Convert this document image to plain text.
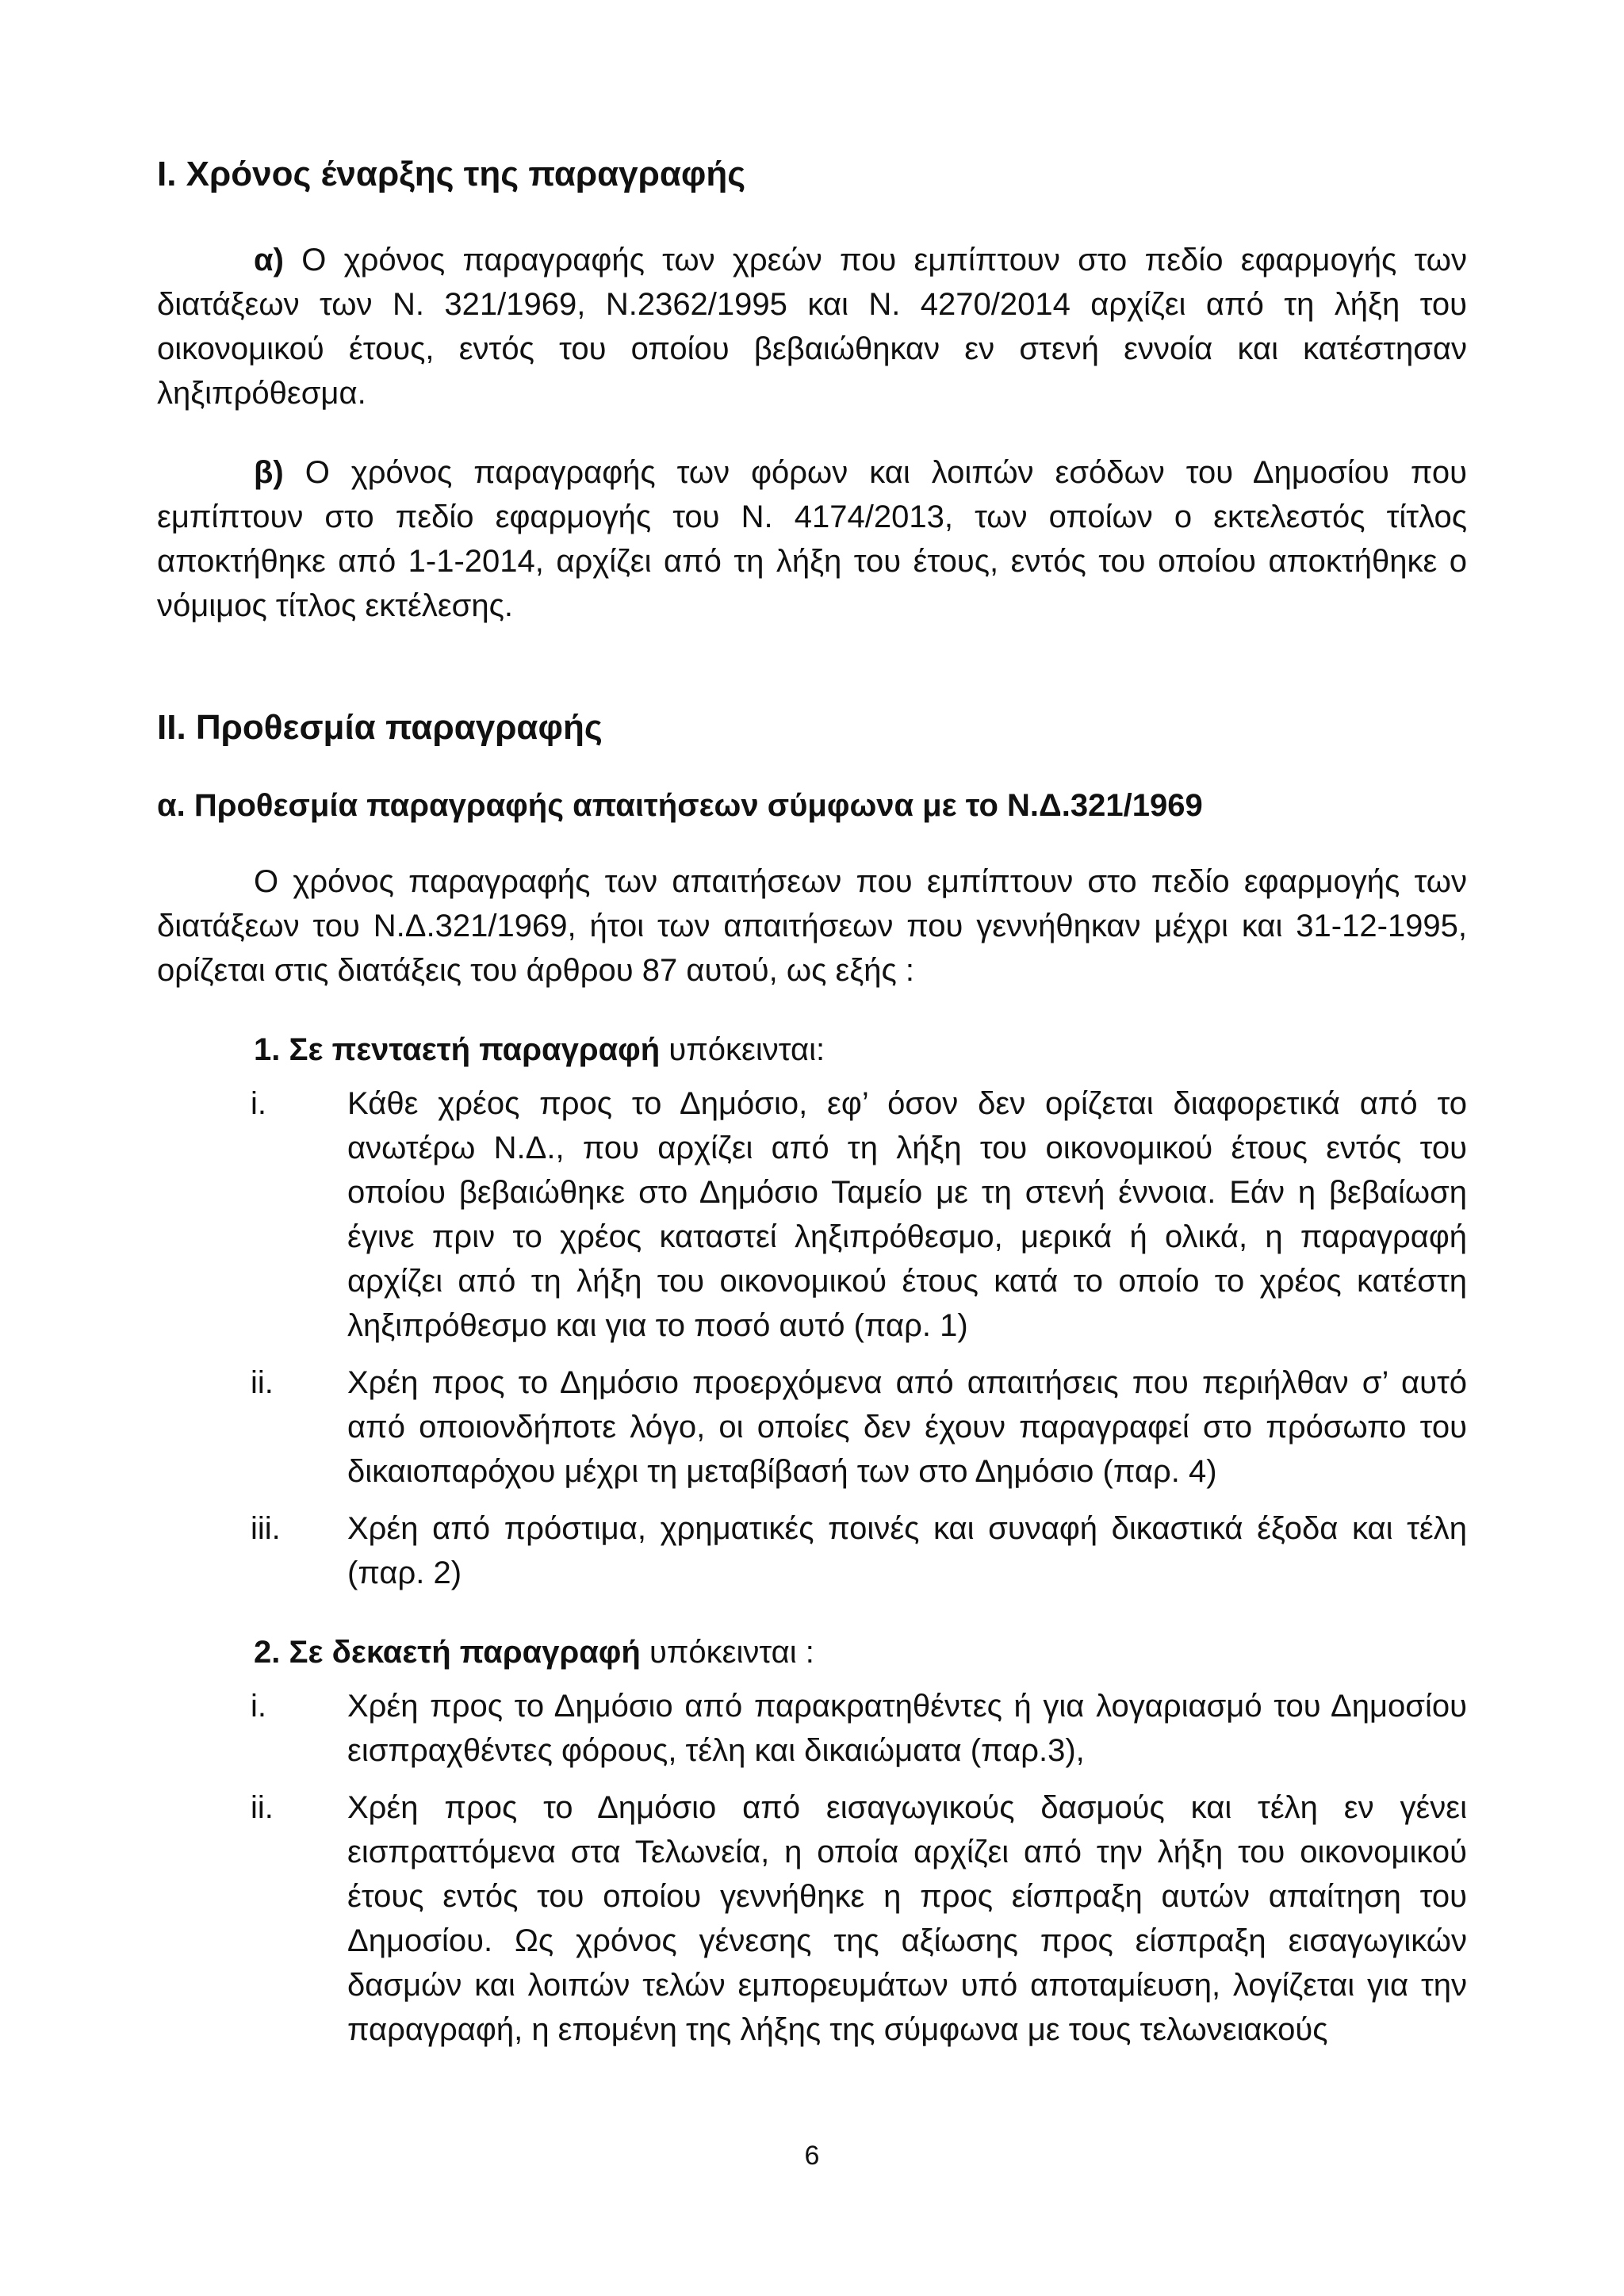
I. Χρόνος έναρξης της παραγραφής

α) Ο χρόνος παραγραφής των χρεών που εμπίπτουν στο πεδίο εφαρμογής των διατάξεων των Ν. 321/1969, Ν.2362/1995 και Ν. 4270/2014 αρχίζει από τη λήξη του οικονομικού έτους, εντός του οποίου βεβαιώθηκαν εν στενή εννοία και κατέστησαν ληξιπρόθεσμα.

β) Ο χρόνος παραγραφής των φόρων και λοιπών εσόδων του Δημοσίου που εμπίπτουν στο πεδίο εφαρμογής του Ν. 4174/2013, των οποίων ο εκτελεστός τίτλος αποκτήθηκε από 1-1-2014, αρχίζει από τη λήξη του έτους, εντός του οποίου αποκτήθηκε ο νόμιμος τίτλος εκτέλεσης.

II. Προθεσμία παραγραφής

α. Προθεσμία παραγραφής απαιτήσεων σύμφωνα με το Ν.Δ.321/1969

Ο χρόνος παραγραφής των απαιτήσεων που εμπίπτουν στο πεδίο εφαρμογής των διατάξεων του Ν.Δ.321/1969, ήτοι των απαιτήσεων που γεννήθηκαν μέχρι και 31-12-1995, ορίζεται στις διατάξεις του άρθρου 87 αυτού, ως εξής :

1. Σε πενταετή παραγραφή υπόκεινται:

i.	Κάθε χρέος προς το Δημόσιο, εφ’ όσον δεν ορίζεται διαφορετικά από το ανωτέρω Ν.Δ., που αρχίζει από τη λήξη του οικονομικού έτους εντός του οποίου βεβαιώθηκε στο Δημόσιο Ταμείο με τη στενή έννοια. Εάν η βεβαίωση έγινε πριν το χρέος καταστεί ληξιπρόθεσμο, μερικά ή ολικά, η παραγραφή αρχίζει από τη λήξη του οικονομικού έτους κατά το οποίο το χρέος κατέστη ληξιπρόθεσμο και για το ποσό αυτό (παρ. 1)
ii.	Χρέη προς το Δημόσιο προερχόμενα από απαιτήσεις που περιήλθαν σ’ αυτό από οποιονδήποτε λόγο, οι οποίες δεν έχουν παραγραφεί στο πρόσωπο του δικαιοπαρόχου μέχρι τη μεταβίβασή των στο Δημόσιο (παρ. 4)
iii.	Χρέη από πρόστιμα, χρηματικές ποινές και συναφή δικαστικά έξοδα και τέλη (παρ. 2)

2. Σε δεκαετή παραγραφή υπόκεινται :

i.	Χρέη προς το Δημόσιο από παρακρατηθέντες ή για λογαριασμό του Δημοσίου εισπραχθέντες φόρους, τέλη και δικαιώματα (παρ.3),
ii.	Χρέη προς το Δημόσιο από εισαγωγικούς δασμούς και τέλη εν γένει εισπραττόμενα στα Τελωνεία, η οποία αρχίζει από την λήξη του οικονομικού έτους εντός του οποίου γεννήθηκε η προς είσπραξη αυτών απαίτηση του Δημοσίου. Ως χρόνος γένεσης της αξίωσης προς είσπραξη εισαγωγικών δασμών και λοιπών τελών εμπορευμάτων υπό αποταμίευση, λογίζεται για την παραγραφή, η επομένη της λήξης της σύμφωνα με τους τελωνειακούς
6
